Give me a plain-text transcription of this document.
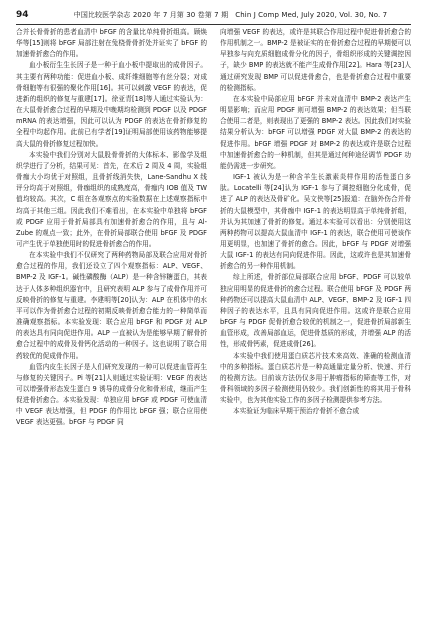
94	中国比较医学杂志 2020 年 7 月第 30 卷第 7 期　Chin J Comp Med, July 2020, Vol. 30, No. 7

合并长骨骨折的患者血清中 bFGF 的含量比单纯骨折组高。顾焕华等[15]则将 bFGF 局部注射在兔桡骨骨折处并证实了 bFGF 的加速骨折愈合的作用。

血小板衍生生长因子是一种于血小板中提取出的成骨因子。其主要有两种功能：促进血小板、成纤维细胞等有丝分裂；对成骨细胞等有很强的聚化作用[16]。其可以刺激 VEGF 的表达，促进新的组织的修复与重建[17]。徐亚青[18]等人通过实验认为：在大鼠骨折愈合过程的早期及中晚期均检测到 PDGF 以及 PDGF mRNA 的表达增强，因此可以认为 PDGF 的表达在骨折修复的全程中均起作用。此前已有学者[19]证明局部使用该药物能够提高大鼠的骨折修复过程加快。

本实验中我们分别对大鼠股骨骨折的大体标本、影像学及组织学进行了分析，结果可见：首先，在术后 2 周及 4 周，实验组骨痂大小均优于对照组，且骨折线消失快，Lane-Sandhu X 线评分均高于对照组，骨痂组织的成熟度高，骨痂内 IOB 值及 TW 值均较高。其次，C 组在各观察点的实验数据在上述观察指标中均高于其他三组。因此我们不难看出，在本实验中单独将 bFGF 或 PDGF 应用于骨折局部具有加速骨折愈合的作用，且与 Al-Zube 的观点一致；此外，在骨折局部联合使用 bFGF 及 PDGF 可产生优于单独使用时的促进骨折愈合的作用。

在本实验中我们不仅研究了两种药物局部及联合应用对骨折愈合过程的作用，我们还设立了四个观察指标：ALP、VEGF、BMP-2 及 IGF-1。碱性磷酸酶（ALP）是一种含锌糖蛋白，其表达于人体多种组织器官中，且研究表明 ALP 参与了成骨作用并可反映骨折的修复与重建。李建明等[20]认为：ALP 在机体中的水平可以作为骨折愈合过程的初期反映骨折愈合能力的一种简单而准确观察指标。本实验发现：联合应用 bFGF 和 PDGF 对 ALP 的表达具有同向促进作用。ALP 一直被认为是能够早期了解骨折愈合过程中的成骨及骨钙化活动的一种因子。这也说明了联合用药较优的促成骨作用。

血管内皮生长因子是人们研究发现的一种可以促进血管再生与修复的关键因子。Pi 等[21]人则通过实验证明：VEGF 的表达可以增强骨形态发生蛋白 9 诱导的成骨分化和骨形成，继而产生促进骨折愈合。本实验发现：单独应用 bFGF 或 PDGF 可使血清中 VEGF 表达增强，但 PDGF 的作用比 bFGF 强；联合应用使 VEGF 表达更强。bFGF 与 PDGF 同

向增强 VEGF 的表达，或许是其联合作用过程中促进骨折愈合的作用机制之一。BMP-2 是被证实的在骨折愈合过程的早期便可以早独参与向充质细胞成骨分化的因子，骨组织形成的关键调控因子，缺少 BMP 的表达就不能产生成骨作用[22]。Hara 等[23]人通过研究发现 BMP 可以促进骨愈合，也是骨折愈合过程中重要的检测指标。

在本实验中局部应用 bFGF 并未对血清中 BMP-2 表达产生明显影响；而应用 PDGF 则可增强 BMP-2 的表达效果；但当联合使用二者是，则表现出了更强的 BMP-2 表达。因此我们对实验结果分析认为：bFGF 可以增强 PDGF 对大鼠 BMP-2 的表达的促进作用。bFGF 增强 PDGF 对 BMP-2 的表达或许是联合过程中加速骨折愈合的一种机制，但其是通过何种途径调节 PDGF 功能仍需进一步研究。

IGF-1 被认为是一种含羊生长激素炎样作用的活性蛋白多肽。Locatelli 等[24]认为 IGF-1 参与了调控细胞分化成骨，促进了 ALP 的表达及骨矿化。吴文侠等[25]报道：在脑外伤合并骨折的大鼠模型中，其骨痂中 IGF-1 的表达明显高于单纯骨折组，并认为其加速了骨折的修复。通过本实验可以看出：分别使用这两种药物可以提高大鼠血清中 IGF-1 的表达，联合使用可使该作用更明显，也加速了骨折的愈合。因此，bFGF 与 PDGF 对增强大鼠 IGF-1 的表达有同向促进作用。因此，这或许也是其加速骨折愈合的另一种作用机制。

综上所述，骨折部位局部联合应用 bFGF、PDGF 可以较单独应用明显的促进骨折的愈合过程。联合使用 bFGF 及 PDGF 两种药物还可以提高大鼠血清中 ALP、VEGF、BMP-2 及 IGF-1 四种因子的表达水平，且具有同向促进作用。这或许是联合应用 bFGF 与 PDGF 促骨折愈合较优的机制之一，促进骨折局部新生血管形成，改善局部血运，促进骨基质的形成，并增强 ALP 的活性，形成骨钙素，促进成骨[26]。

本实验中我们使用蛋白质芯片技术来高效、准确的检测血清中的多种指标。蛋白质芯片是一种高通量定量分析、快速、并行的检测方法。目前该方法仍仅多用于肿瘤指标的筛查等工作，对骨科领域的多因子检测使用仍较少。我们创新性的将其用于骨科实验中，也为其他实验工作的多因子检测提供参考方法。

本实验证为临床早期干预治疗骨折不愈合或
